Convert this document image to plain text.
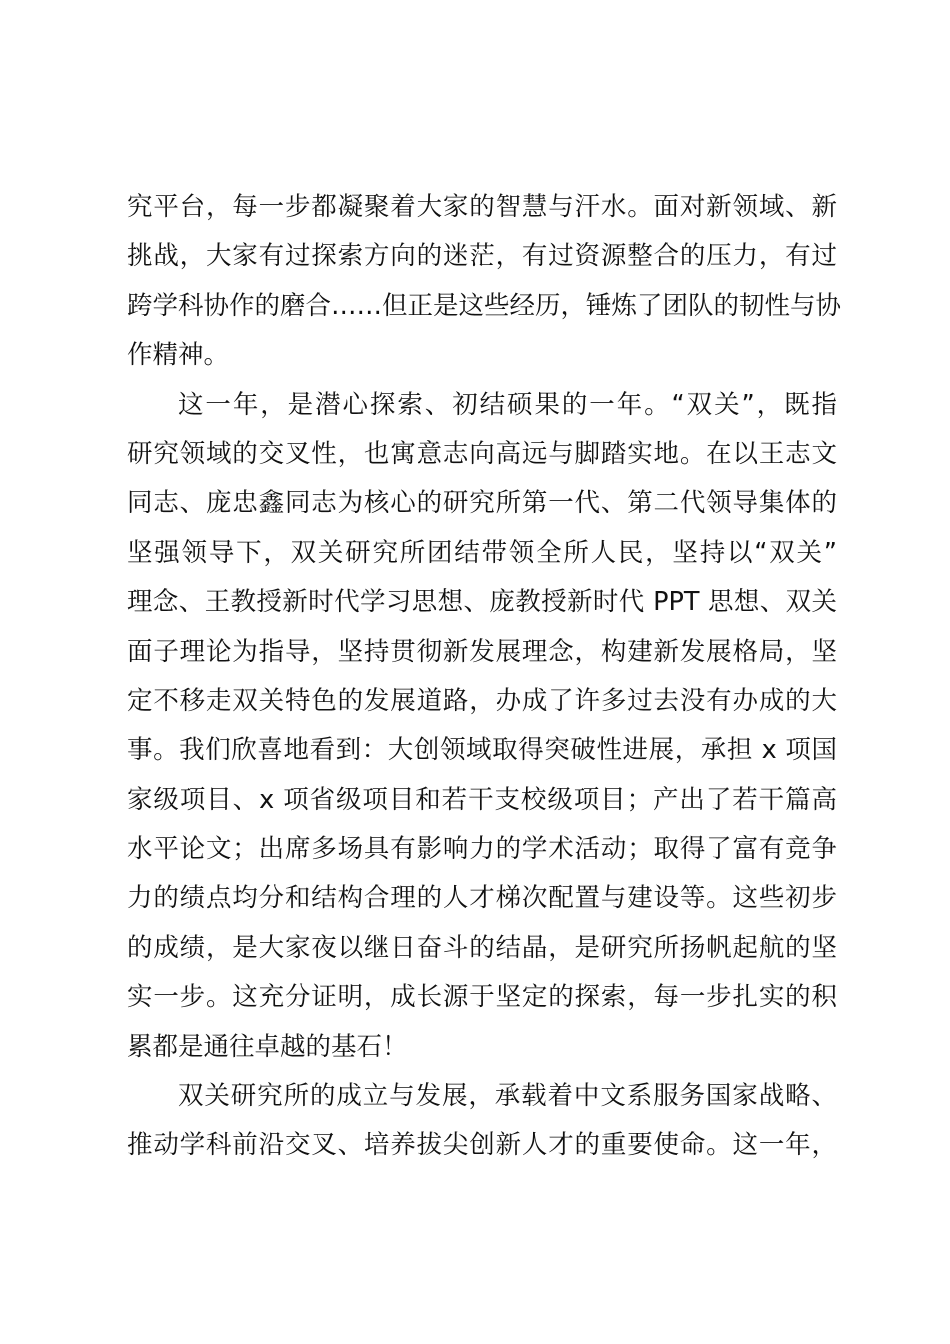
究平台，每一步都凝聚着大家的智慧与汗水。面对新领域、新
挑战，大家有过探索方向的迷茫，有过资源整合的压力，有过
跨学科协作的磨合……但正是这些经历，锤炼了团队的韧性与协
作精神。
这一年，是潜心探索、初结硕果的一年。“双关”，既指
研究领域的交叉性，也寓意志向高远与脚踏实地。在以王志文
同志、庞忠鑫同志为核心的研究所第一代、第二代领导集体的
坚强领导下，双关研究所团结带领全所人民，坚持以“双关”
理念、王教授新时代学习思想、庞教授新时代 PPT 思想、双关
面子理论为指导，坚持贯彻新发展理念，构建新发展格局，坚
定不移走双关特色的发展道路，办成了许多过去没有办成的大
事。我们欣喜地看到：大创领域取得突破性进展，承担 x 项国
家级项目、x 项省级项目和若干支校级项目；产出了若干篇高
水平论文；出席多场具有影响力的学术活动；取得了富有竞争
力的绩点均分和结构合理的人才梯次配置与建设等。这些初步
的成绩，是大家夜以继日奋斗的结晶，是研究所扬帆起航的坚
实一步。这充分证明，成长源于坚定的探索，每一步扎实的积
累都是通往卓越的基石！
双关研究所的成立与发展，承载着中文系服务国家战略、
推动学科前沿交叉、培养拔尖创新人才的重要使命。这一年，
